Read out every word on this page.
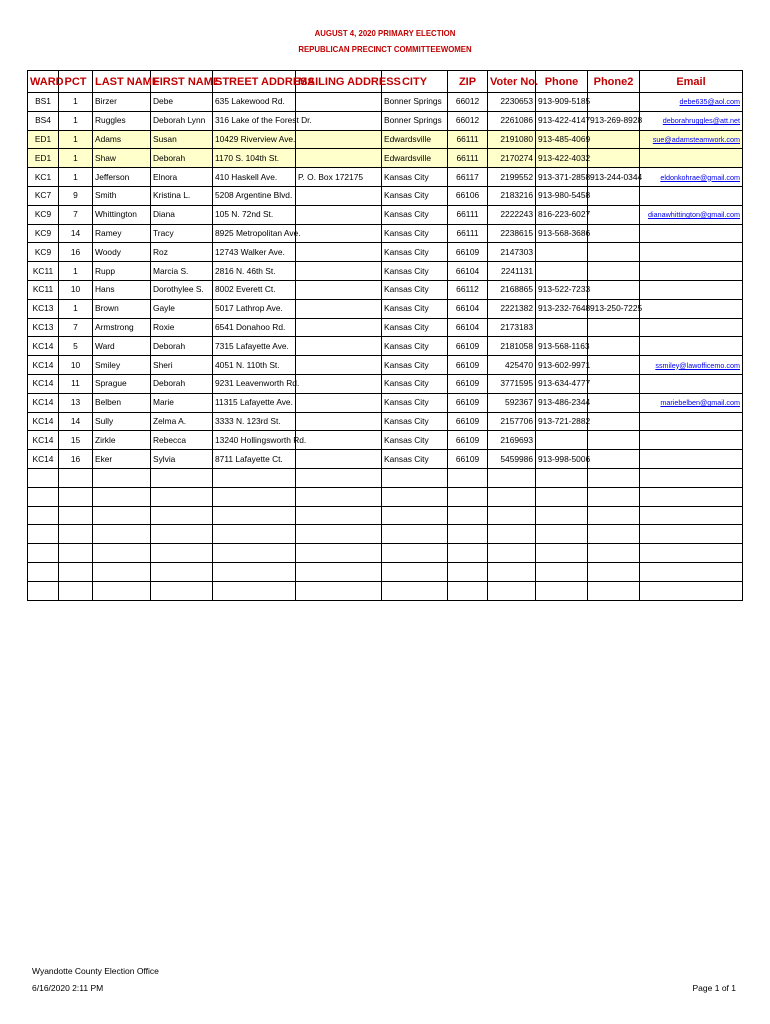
AUGUST 4, 2020 PRIMARY ELECTION
REPUBLICAN PRECINCT COMMITTEEWOMEN
WARD	PCT	LAST NAME	FIRST NAME	STREET ADDRESS	MAILING ADDRESS	CITY	ZIP	Voter No.	Phone	Phone2	Email
BS1	1	Birzer	Debe	635 Lakewood Rd.		Bonner Springs	66012	2230653	913-909-5185		debe635@aol.com
BS4	1	Ruggles	Deborah Lynn	316 Lake of the Forest Dr.		Bonner Springs	66012	2261086	913-422-4147	913-269-8928	deborahruggles@att.net
ED1	1	Adams	Susan	10429 Riverview Ave.		Edwardsville	66111	2191080	913-485-4069		sue@adamsteamwork.com
ED1	1	Shaw	Deborah	1170 S. 104th St.		Edwardsville	66111	2170274	913-422-4032		
KC1	1	Jefferson	Elnora	410 Haskell Ave.	P. O. Box 172175	Kansas City	66117	2199552	913-371-2858	913-244-0344	eldonkohrae@gmail.com
KC7	9	Smith	Kristina L.	5208 Argentine Blvd.		Kansas City	66106	2183216	913-980-5458		
KC9	7	Whittington	Diana	105 N. 72nd St.		Kansas City	66111	2222243	816-223-6027		dianawhittington@gmail.com
KC9	14	Ramey	Tracy	8925 Metropolitan Ave.		Kansas City	66111	2238615	913-568-3686		
KC9	16	Woody	Roz	12743 Walker Ave.		Kansas City	66109	2147303			
KC11	1	Rupp	Marcia S.	2816 N. 46th St.		Kansas City	66104	2241131			
KC11	10	Hans	Dorothylee S.	8002 Everett Ct.		Kansas City	66112	2168865	913-522-7233		
KC13	1	Brown	Gayle	5017 Lathrop Ave.		Kansas City	66104	2221382	913-232-7648	913-250-7225	
KC13	7	Armstrong	Roxie	6541 Donahoo Rd.		Kansas City	66104	2173183			
KC14	5	Ward	Deborah	7315 Lafayette Ave.		Kansas City	66109	2181058	913-568-1163		
KC14	10	Smiley	Sheri	4051 N. 110th St.		Kansas City	66109	425470	913-602-9971		ssmiley@lawofficemo.com
KC14	11	Sprague	Deborah	9231 Leavenworth Rd.		Kansas City	66109	3771595	913-634-4777		
KC14	13	Belben	Marie	11315 Lafayette Ave.		Kansas City	66109	592367	913-486-2344		mariebelben@gmail.com
KC14	14	Sully	Zelma A.	3333 N. 123rd St.		Kansas City	66109	2157706	913-721-2882		
KC14	15	Zirkle	Rebecca	13240 Hollingsworth Rd.		Kansas City	66109	2169693			
KC14	16	Eker	Sylvia	8711 Lafayette Ct.		Kansas City	66109	5459986	913-998-5006		

Wyandotte County Election Office
6/16/2020 2:11 PM	Page 1 of 1
